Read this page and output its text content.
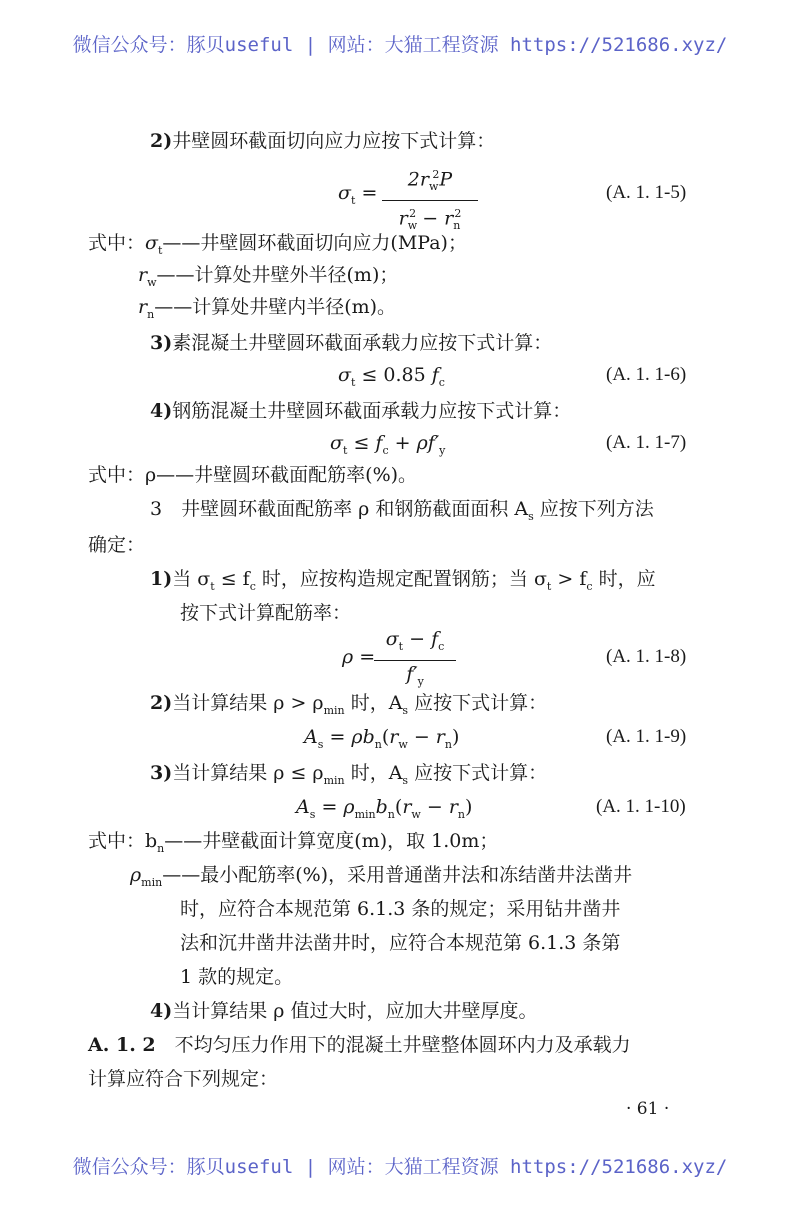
微信公众号：豚贝useful | 网站：大猫工程资源 https://521686.xyz/
2)井壁圆环截面切向应力应按下式计算：
$\sigma_t = \frac{2r_w^2P}{r_w^2 - r_n^2}$	(A. 1. 1-5)
式中：$\sigma_t——$井壁圆环截面切向应力(MPa)；
$r_w——$计算处井壁外半径(m)；
$r_n——$计算处井壁内半径(m)。
3)素混凝土井壁圆环截面承载力应按下式计算：
$\sigma_t \le 0.85$ $f_c$	(A. 1. 1-6)
4)钢筋混凝土井壁圆环截面承载力应按下式计算：
$\sigma_t \le f_c + \rho f'_y$	(A. 1. 1-7)
式中：ρ——井壁圆环截面配筋率(%)。
3　井壁圆环截面配筋率 ρ 和钢筋截面面积 $A_s$ 应按下列方法
确定：
1)当 $\sigma_t \le f_c$ 时，应按构造规定配置钢筋；当 $\sigma_t > f_c$ 时，应
按下式计算配筋率：
ρ =
$\frac{\sigma_t - f_c}{f'_y}$	(A. 1. 1-8)
2)当计算结果 $\rho > \rho_{min}$ 时，$A_s$ 应按下式计算：
$A_s = \rho b_n(r_w - r_n)$	(A. 1. 1-9)
3)当计算结果 $\rho \le \rho_{min}$ 时，$A_s$ 应按下式计算：
$A_s = \rho_{min}b_n(r_w - r_n)$	(A. 1. 1-10)
式中：$b_n——$井壁截面计算宽度(m)，取 1.0m；
$\rho_{min}——$最小配筋率(%)，采用普通凿井法和冻结凿井法凿井
时，应符合本规范第 6.1.3 条的规定；采用钻井凿井
法和沉井凿井法凿井时，应符合本规范第 6.1.3 条第
1 款的规定。
4)当计算结果 ρ 值过大时，应加大井壁厚度。
A. 1. 2　不均匀压力作用下的混凝土井壁整体圆环内力及承载力
计算应符合下列规定：
· 61 ·
微信公众号：豚贝useful | 网站：大猫工程资源 https://521686.xyz/
